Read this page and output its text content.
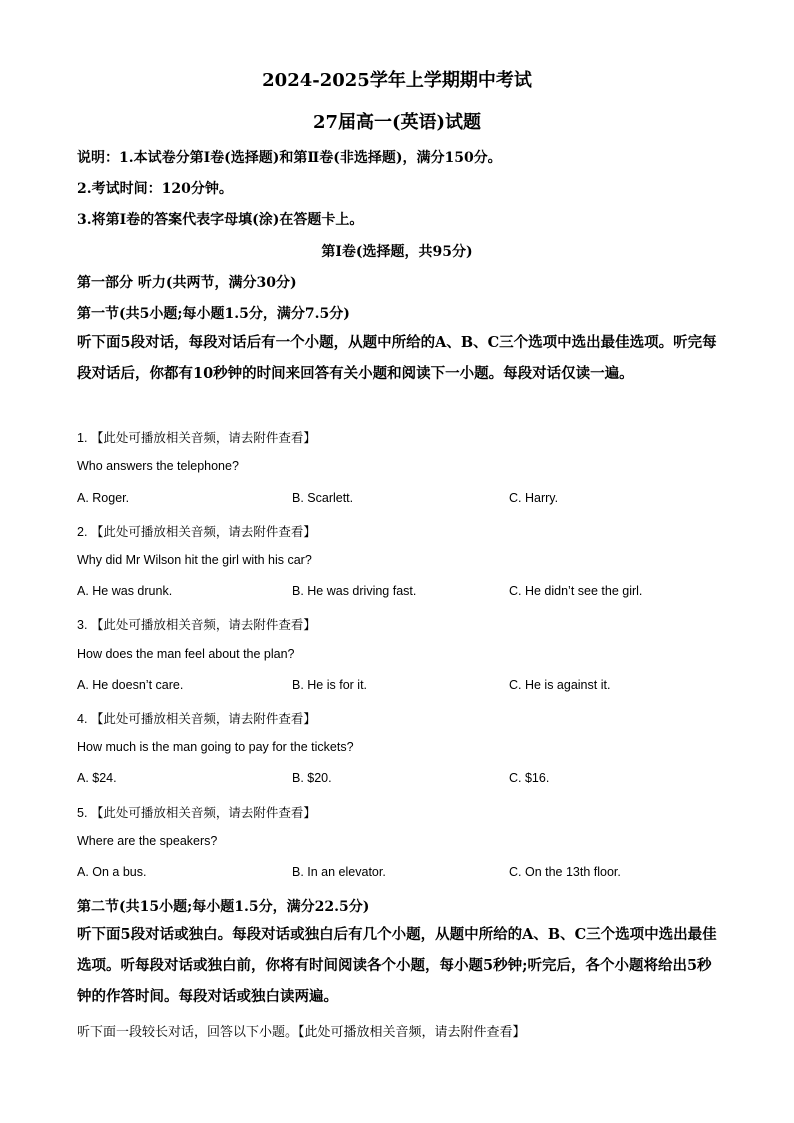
2024-2025学年上学期期中考试
27届高一(英语)试题
说明：1.本试卷分第Ⅰ卷(选择题)和第Ⅱ卷(非选择题)，满分150分。
2.考试时间：120分钟。
3.将第Ⅰ卷的答案代表字母填(涂)在答题卡上。
第Ⅰ卷(选择题，共95分)
第一部分 听力(共两节，满分30分)
第一节(共5小题;每小题1.5分，满分7.5分)
听下面5段对话，每段对话后有一个小题，从题中所给的A、B、C三个选项中选出最佳选项。听完每段对话后，你都有10秒钟的时间来回答有关小题和阅读下一小题。每段对话仅读一遍。
1. 【此处可播放相关音频，请去附件查看】
Who answers the telephone?
A. Roger.	B. Scarlett.	C. Harry.
2. 【此处可播放相关音频，请去附件查看】
Why did Mr Wilson hit the girl with his car?
A. He was drunk.	B. He was driving fast.	C. He didn’t see the girl.
3. 【此处可播放相关音频，请去附件查看】
How does the man feel about the plan?
A. He doesn’t care.	B. He is for it.	C. He is against it.
4. 【此处可播放相关音频，请去附件查看】
How much is the man going to pay for the tickets?
A. $24.	B. $20.	C. $16.
5. 【此处可播放相关音频，请去附件查看】
Where are the speakers?
A. On a bus.	B. In an elevator.	C. On the 13th floor.
第二节(共15小题;每小题1.5分，满分22.5分)
听下面5段对话或独白。每段对话或独白后有几个小题，从题中所给的A、B、C三个选项中选出最佳选项。听每段对话或独白前，你将有时间阅读各个小题，每小题5秒钟;听完后，各个小题将给出5秒钟的作答时间。每段对话或独白读两遍。
听下面一段较长对话，回答以下小题。【此处可播放相关音频，请去附件查看】
